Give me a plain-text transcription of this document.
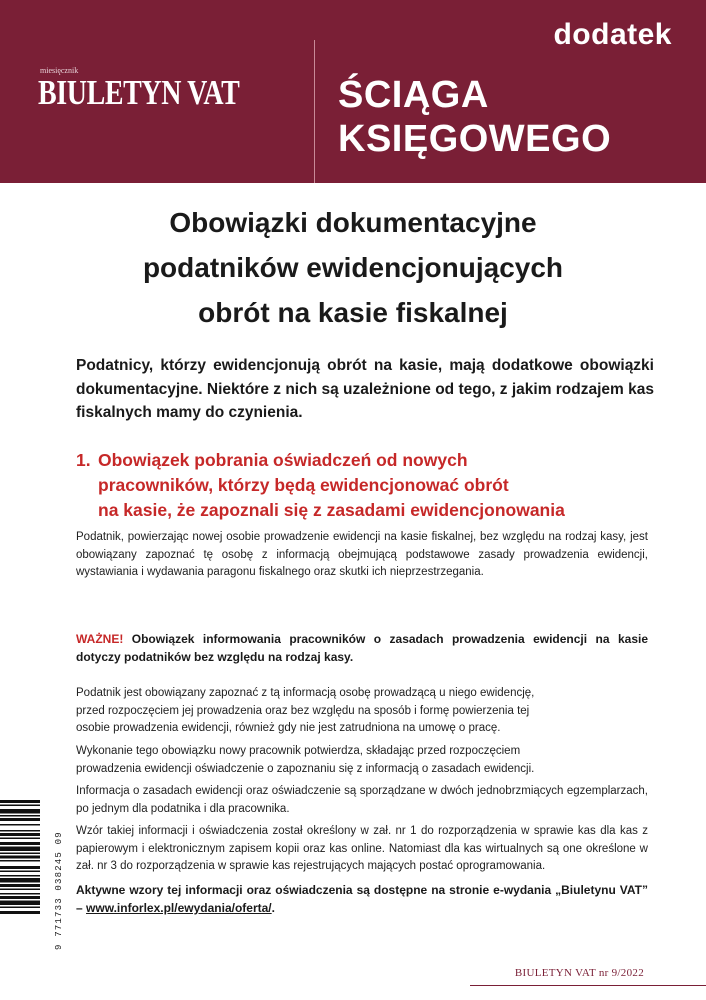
dodatek
miesięcznik
BIULETYN VAT	ŚCIĄGA
KSIĘGOWEGO
Obowiązki dokumentacyjne
podatników ewidencjonujących
obrót na kasie fiskalnej

Podatnicy, którzy ewidencjonują obrót na kasie, mają dodatkowe obowiązki dokumentacyjne. Niektóre z nich są uzależnione od tego, z jakim rodzajem kas fiskalnych mamy do czynienia.

1. Obowiązek pobrania oświadczeń od nowych
pracowników, którzy będą ewidencjonować obrót
na kasie, że zapoznali się z zasadami ewidencjonowania

Podatnik, powierzając nowej osobie prowadzenie ewidencji na kasie fiskalnej, bez względu na rodzaj kasy, jest obowiązany zapoznać tę osobę z informacją obejmującą podstawowe zasady prowadzenia ewidencji, wystawiania i wydawania paragonu fiskalnego oraz skutki ich nieprzestrzegania.

WAŻNE! Obowiązek informowania pracowników o zasadach prowadzenia ewidencji na kasie dotyczy podatników bez względu na rodzaj kasy.

Podatnik jest obowiązany zapoznać z tą informacją osobę prowadzącą u niego ewidencję,
przed rozpoczęciem jej prowadzenia oraz bez względu na sposób i formę powierzenia tej
osobie prowadzenia ewidencji, również gdy nie jest zatrudniona na umowę o pracę.

Wykonanie tego obowiązku nowy pracownik potwierdza, składając przed rozpoczęciem
prowadzenia ewidencji oświadczenie o zapoznaniu się z informacją o zasadach ewidencji.

Informacja o zasadach ewidencji oraz oświadczenie są sporządzane w dwóch jednobrzmiących egzemplarzach, po jednym dla podatnika i dla pracownika.

Wzór takiej informacji i oświadczenia został określony w zał. nr 1 do rozporządzenia w sprawie kas dla kas z papierowym i elektronicznym zapisem kopii oraz kas online. Natomiast dla kas wirtualnych są one określone w zał. nr 3 do rozporządzenia w sprawie kas rejestrujących mających postać oprogramowania.

Aktywne wzory tej informacji oraz oświadczenia są dostępne na stronie e-wydania „Biuletynu VAT” – www.inforlex.pl/ewydania/oferta/.

9 771733 038245 09
BIULETYN VAT nr 9/2022
